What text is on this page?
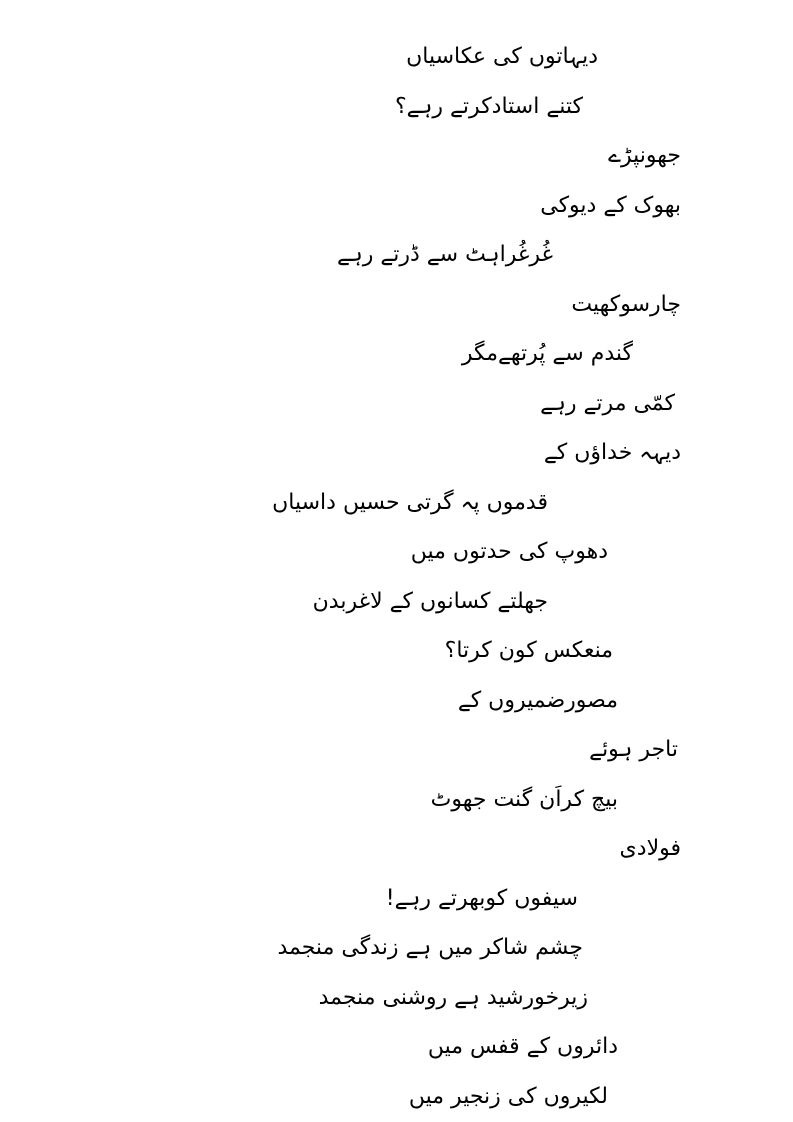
دیہاتوں کی عکاسیاں
کتنے استادکرتے رہے؟
جھونپڑے
بھوک کے دیوکی
غُرغُراہٹ سے ڈرتے رہے
چارسوکھیت
گندم سے پُرتھےمگر
کمّی مرتے رہے
دیہہ خداؤں کے
قدموں پہ گرتی حسیں داسیاں
دھوپ کی حدتوں میں
جھلتے کسانوں کے لاغربدن
منعکس کون کرتا؟
مصورضمیروں کے
تاجر ہوئے
بیچ کراَن گنت جھوٹ
فولادی
سیفوں کوبھرتے رہے!
چشم شاکر میں ہے زندگی منجمد
زیرخورشید ہے روشنی منجمد
دائروں کے قفس میں
لکیروں کی زنجیر میں
